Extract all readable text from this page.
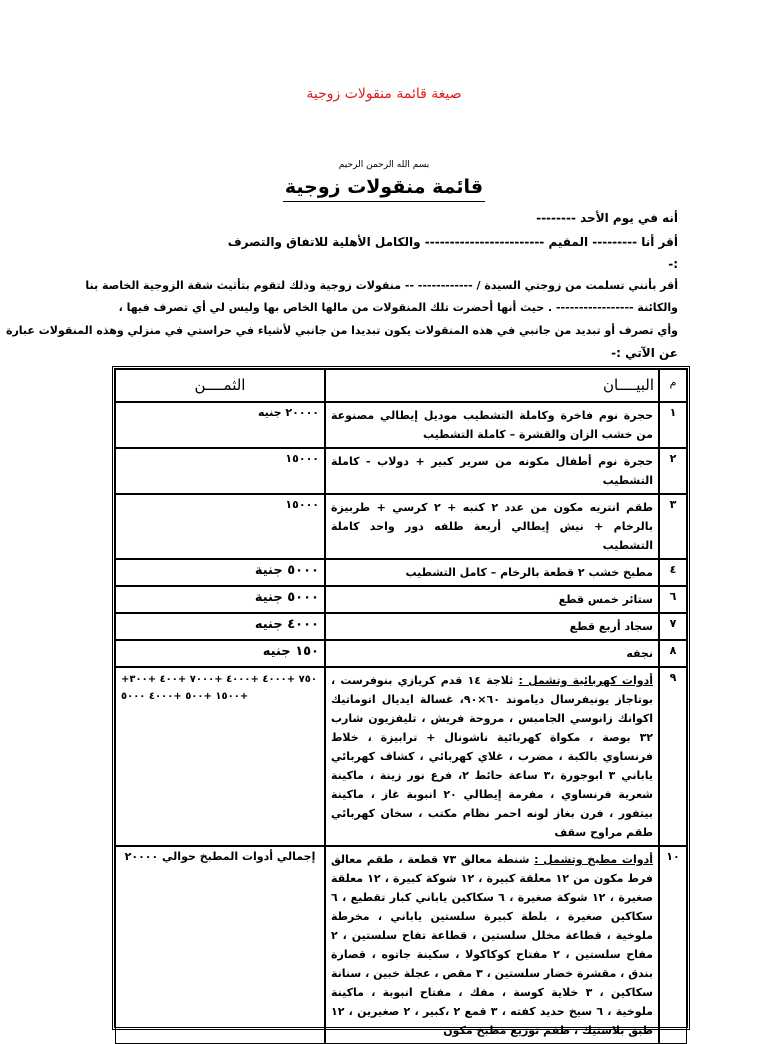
صيغة قائمة منقولات زوجية
بسم الله الرحمن الرحيم
قائمة منقولات زوجية
أنه في يوم الأحد --------
أقر أنا --------- المقيم ------------------------ والكامل الأهلية للاتفاق والتصرف
:-
أقر بأنني تسلمت من زوجتي السيدة / ------------ -- منقولات زوجية وذلك لتقوم بتأثيث شقة الزوجية الخاصة بنا
والكائنة ----------------- . حيث أنها أحضرت تلك المنقولات من مالها الخاص بها وليس لي أي تصرف فيها ،
وأي تصرف أو تبديد من جانبي في هذه المنقولات يكون تبديدا من جانبي لأشياء في حراستي في منزلي وهذه المنقولات عبارة
عن الآتي :-
م	البيــــان	الثمــــن
١	حجرة نوم فاخرة وكاملة التشطيب موديل إيطالي مصنوعة من خشب الزان والقشرة – كاملة التشطيب	٢٠٠٠٠ جنيه
٢	حجرة نوم أطفال مكونه من سرير كبير + دولاب - كاملة التشطيب	١٥٠٠٠
٣	طقم انتريه مكون من عدد ٢ كنبه + ٢ كرسي + طربيزة بالرخام + نيش إيطالي أربعة طلفه دور واحد كاملة التشطيب	١٥٠٠٠
٤	مطبخ خشب ٢ قطعة بالرخام – كامل التشطيب	٥٠٠٠ جنية
٦	ستائر خمس قطع	٥٠٠٠ جنية
٧	سجاد أربع قطع	٤٠٠٠ جنيه
٨	نجفه	١٥٠ جنيه
٩	أدوات كهربائية وتشمل : ثلاجة ١٤ قدم كريازي بنوفرست ، بوتاجاز يونيفرسال دياموند ٦٠×٩٠، غسالة ايديال اتوماتيك اكوانك زانوسي الجامبس ، مروحة فريش ، تليفزيون شارب ٣٢ بوصة ، مكواة كهربائية ناشونال + ترابيزة ، خلاط فرنساوي بالكبة ، مضرب ، غلاي كهربائي ، كشاف كهربائي ياباني ٣ ابوجورة ،٣ ساعة حائط ٢، فرع نور زينة ، ماكينة شعرية فرنساوي ، مفرمة إيطالي ٢٠ انبوبة غاز ، ماكينة بيتفور ، فرن بغاز لونه احمر نظام مكتب ، سخان كهربائي طقم مراوح سقف	+٧٥٠ +٤٠٠٠ +٤٠٠٠ +٧٠٠٠ +٤٠٠ +٣٠٠ +١٥٠٠ +٥٠٠ +٤٠٠٠ ٥٠٠٠
١٠	أدوات مطبخ وتشمل : شنطة معالق ٧٣ قطعة ، طقم معالق فرط مكون من ١٢ معلقة كبيرة ، ١٢ شوكة كبيرة ، ١٢ معلقة صغيرة ، ١٢ شوكة صغيرة ، ٦ سكاكين ياباني كبار تقطيع ، ٦ سكاكين صغيرة ، بلطة كبيرة سلستين ياباني ، مخرطة ملوخية ، قطاعة مخلل سلستين ، قطاعة تفاح سلستين ، ٢ مفاح سلستين ، ٢ مفتاح كوكاكولا ، سكينة جاتوه ، قصارة بندق ، مقشرة خضار سلستين ، ٣ مقص ، عجلة خبين ، سنانة سكاكين ، ٣ خلاية كوسة ، مفك ، مفتاح انبوبة ، ماكينة ملوخية ، ٦ سيخ حديد كفته ، ٣ قمع ٢ ،كبير ، ٢ صغيرين ، ١٢ طبق بلاستيك ، طقم توزيع مطبخ مكون	إجمالي أدوات المطبخ حوالي ٢٠٠٠٠
